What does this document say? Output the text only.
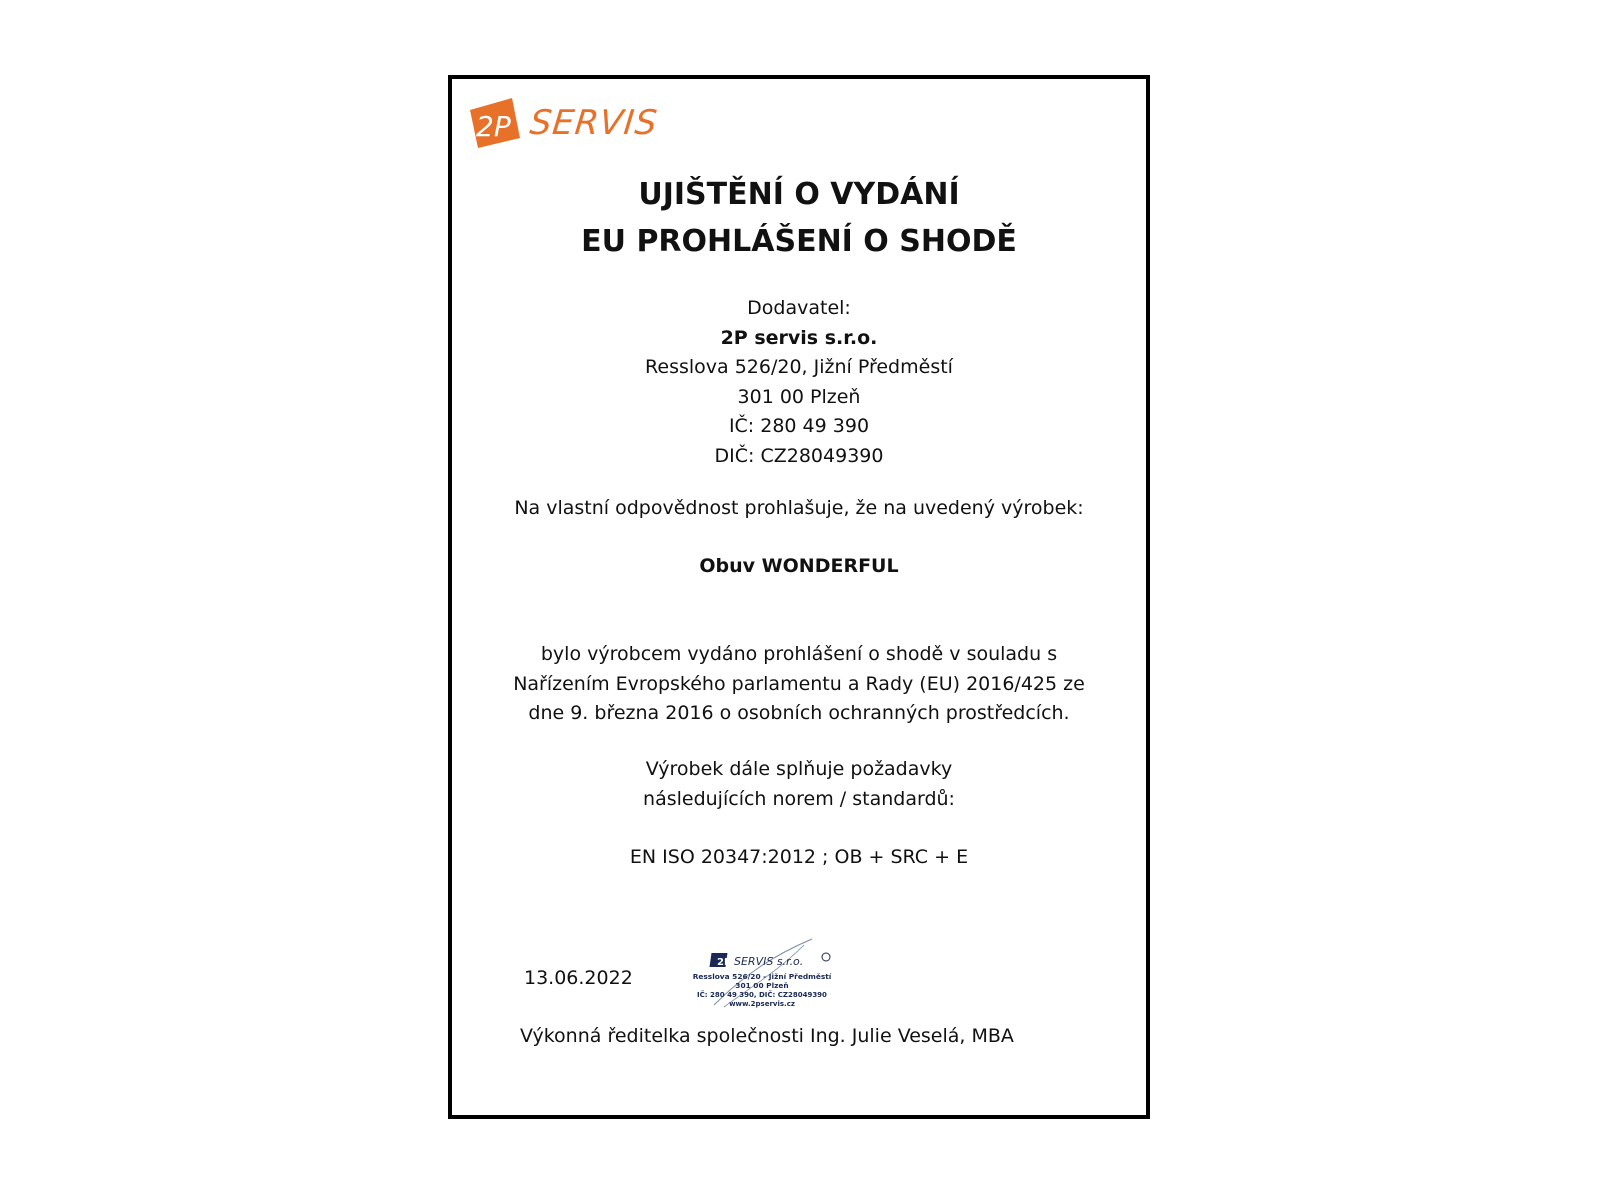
2P SERVIS
UJIŠTĚNÍ O VYDÁNÍ
EU PROHLÁŠENÍ O SHODĚ
Dodavatel:
2P servis s.r.o.
Resslova 526/20, Jižní Předměstí
301 00 Plzeň
IČ: 280 49 390
DIČ: CZ28049390
Na vlastní odpovědnost prohlašuje, že na uvedený výrobek:
Obuv WONDERFUL
bylo výrobcem vydáno prohlášení o shodě v souladu s
Nařízením Evropského parlamentu a Rady (EU) 2016/425 ze
dne 9. března 2016 o osobních ochranných prostředcích.
Výrobek dále splňuje požadavky
následujících norem / standardů:
EN ISO 20347:2012 ; OB + SRC + E
13.06.2022
2P SERVIS s.r.o.
Resslova 526/20 - Jižní Předměstí
301 00 Plzeň
IČ: 280 49 390, DIČ: CZ28049390
www.2pservis.cz
Výkonná ředitelka společnosti Ing. Julie Veselá, MBA
